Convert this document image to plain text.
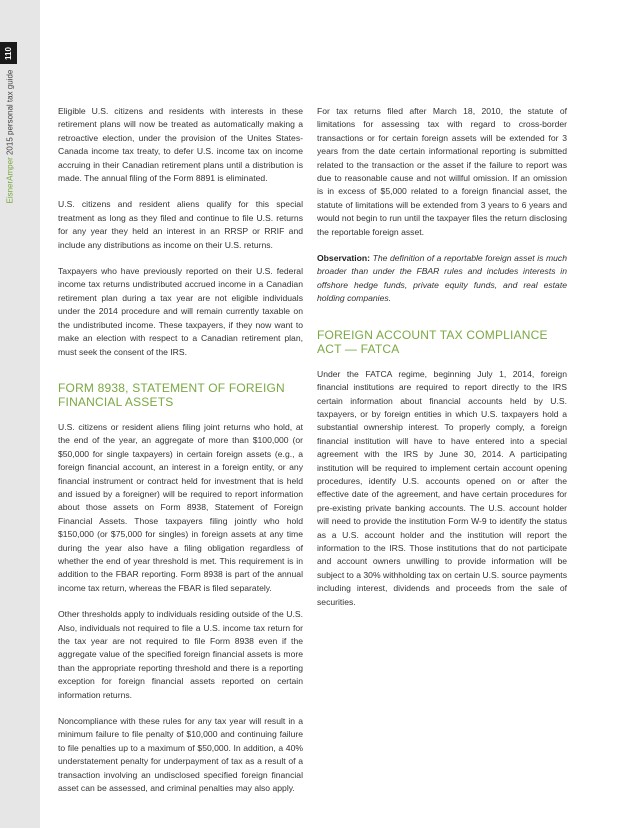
110
EisnerAmper 2015 personal tax guide	Eligible U.S. citizens and residents with interests in these retirement plans will now be treated as automatically making a retroactive election, under the provision of the Unites States-Canada income tax treaty, to defer U.S. income tax on income accruing in their Canadian retirement plans until a distribution is made. The annual filing of the Form 8891 is eliminated.

U.S. citizens and resident aliens qualify for this special treatment as long as they filed and continue to file U.S. returns for any year they held an interest in an RRSP or RRIF and include any distributions as income on their U.S. returns.

Taxpayers who have previously reported on their U.S. federal income tax returns undistributed accrued income in a Canadian retirement plan during a tax year are not eligible individuals under the 2014 procedure and will remain currently taxable on the undistributed income. These taxpayers, if they now want to make an election with respect to a Canadian retirement plan, must seek the consent of the IRS.

FORM 8938, STATEMENT OF FOREIGN FINANCIAL ASSETS

U.S. citizens or resident aliens filing joint returns who hold, at the end of the year, an aggregate of more than $100,000 (or $50,000 for single taxpayers) in certain foreign assets (e.g., a foreign financial account, an interest in a foreign entity, or any financial instrument or contract held for investment that is held and issued by a foreigner) will be required to report information about those assets on Form 8938, Statement of Foreign Financial Assets. Those taxpayers filing jointly who hold $150,000 (or $75,000 for singles) in foreign assets at any time during the year also have a filing obligation regardless of whether the end of year threshold is met. This requirement is in addition to the FBAR reporting. Form 8938 is part of the annual income tax return, whereas the FBAR is filed separately.

Other thresholds apply to individuals residing outside of the U.S. Also, individuals not required to file a U.S. income tax return for the tax year are not required to file Form 8938 even if the aggregate value of the specified foreign financial assets is more than the appropriate reporting threshold and there is a reporting exception for foreign financial assets reported on certain information returns.

Noncompliance with these rules for any tax year will result in a minimum failure to file penalty of $10,000 and continuing failure to file penalties up to a maximum of $50,000. In addition, a 40% understatement penalty for underpayment of tax as a result of a transaction involving an undisclosed specified foreign financial asset can be assessed, and criminal penalties may also apply.

For tax returns filed after March 18, 2010, the statute of limitations for assessing tax with regard to cross-border transactions or for certain foreign assets will be extended for 3 years from the date certain informational reporting is submitted related to the transaction or the asset if the failure to report was due to reasonable cause and not willful omission. If an omission is in excess of $5,000 related to a foreign financial asset, the statute of limitations will be extended from 3 years to 6 years and would not begin to run until the taxpayer files the return disclosing the reportable foreign asset.

Observation: The definition of a reportable foreign asset is much broader than under the FBAR rules and includes interests in offshore hedge funds, private equity funds, and real estate holding companies.

FOREIGN ACCOUNT TAX COMPLIANCE ACT — FATCA

Under the FATCA regime, beginning July 1, 2014, foreign financial institutions are required to report directly to the IRS certain information about financial accounts held by U.S. taxpayers, or by foreign entities in which U.S. taxpayers hold a substantial ownership interest. To properly comply, a foreign financial institution will have to have entered into a special agreement with the IRS by June 30, 2014. A participating institution will be required to implement certain account opening procedures, identify U.S. accounts opened on or after the effective date of the agreement, and have certain procedures for pre-existing private banking accounts. The U.S. account holder will need to provide the institution Form W-9 to identify the status as a U.S. account holder and the institution will report the information to the IRS. Those institutions that do not participate and account owners unwilling to provide information will be subject to a 30% withholding tax on certain U.S. source payments including interest, dividends and proceeds from the sale of securities.
